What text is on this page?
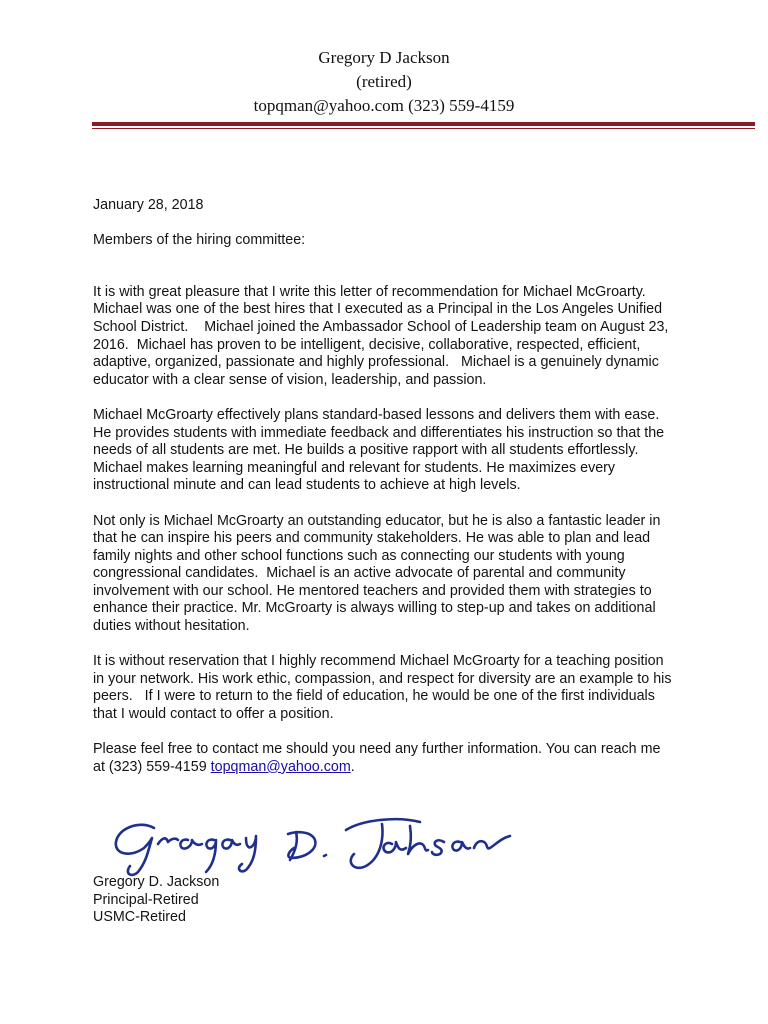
Gregory D Jackson
(retired)
topqman@yahoo.com (323) 559-4159

January 28, 2018

Members of the hiring committee:

It is with great pleasure that I write this letter of recommendation for Michael McGroarty. Michael was one of the best hires that I executed as a Principal in the Los Angeles Unified School District.    Michael joined the Ambassador School of Leadership team on August 23, 2016.  Michael has proven to be intelligent, decisive, collaborative, respected, efficient, adaptive, organized, passionate and highly professional.   Michael is a genuinely dynamic educator with a clear sense of vision, leadership, and passion.

Michael McGroarty effectively plans standard-based lessons and delivers them with ease. He provides students with immediate feedback and differentiates his instruction so that the needs of all students are met. He builds a positive rapport with all students effortlessly. Michael makes learning meaningful and relevant for students. He maximizes every instructional minute and can lead students to achieve at high levels.

Not only is Michael McGroarty an outstanding educator, but he is also a fantastic leader in that he can inspire his peers and community stakeholders. He was able to plan and lead family nights and other school functions such as connecting our students with young congressional candidates.  Michael is an active advocate of parental and community involvement with our school. He mentored teachers and provided them with strategies to enhance their practice. Mr. McGroarty is always willing to step-up and takes on additional duties without hesitation.

It is without reservation that I highly recommend Michael McGroarty for a teaching position in your network. His work ethic, compassion, and respect for diversity are an example to his peers.   If I were to return to the field of education, he would be one of the first individuals that I would contact to offer a position.

Please feel free to contact me should you need any further information. You can reach me at (323) 559-4159 topqman@yahoo.com.

Gregory D. Jackson
Principal-Retired
USMC-Retired
